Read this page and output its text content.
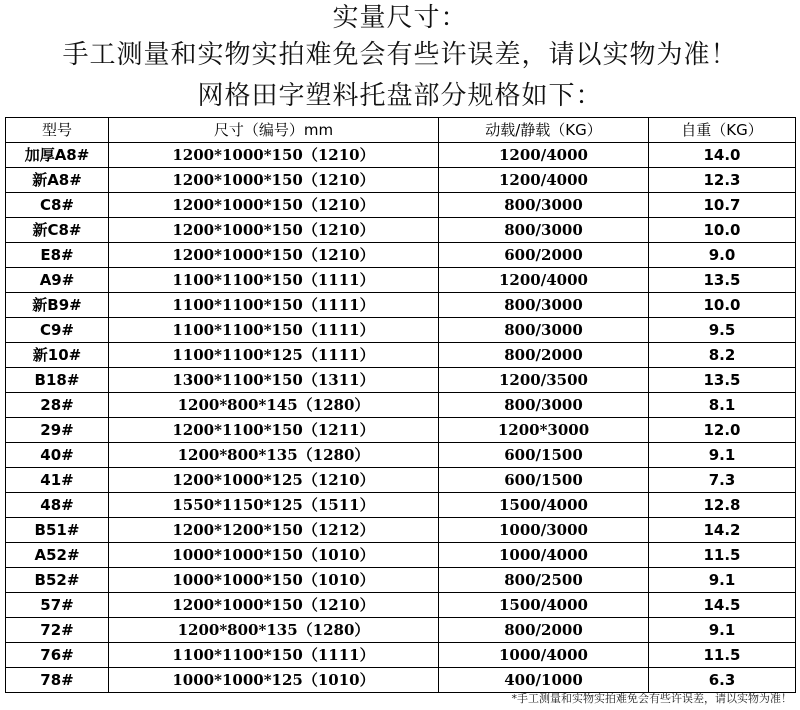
实量尺寸：
手工测量和实物实拍难免会有些许误差，请以实物为准！
网格田字塑料托盘部分规格如下：
型号	尺寸（编号）mm	动载/静载（KG）	自重（KG）
加厚A8#	1200*1000*150（1210）	1200/4000	14.0
新A8#	1200*1000*150（1210）	1200/4000	12.3
C8#	1200*1000*150（1210）	800/3000	10.7
新C8#	1200*1000*150（1210）	800/3000	10.0
E8#	1200*1000*150（1210）	600/2000	9.0
A9#	1100*1100*150（1111）	1200/4000	13.5
新B9#	1100*1100*150（1111）	800/3000	10.0
C9#	1100*1100*150（1111）	800/3000	9.5
新10#	1100*1100*125（1111）	800/2000	8.2
B18#	1300*1100*150（1311）	1200/3500	13.5
28#	1200*800*145（1280）	800/3000	8.1
29#	1200*1100*150（1211）	1200*3000	12.0
40#	1200*800*135（1280）	600/1500	9.1
41#	1200*1000*125（1210）	600/1500	7.3
48#	1550*1150*125（1511）	1500/4000	12.8
B51#	1200*1200*150（1212）	1000/3000	14.2
A52#	1000*1000*150（1010）	1000/4000	11.5
B52#	1000*1000*150（1010）	800/2500	9.1
57#	1200*1000*150（1210）	1500/4000	14.5
72#	1200*800*135（1280）	800/2000	9.1
76#	1100*1100*150（1111）	1000/4000	11.5
78#	1000*1000*125（1010）	400/1000	6.3
*手工测量和实物实拍难免会有些许误差，请以实物为准！
